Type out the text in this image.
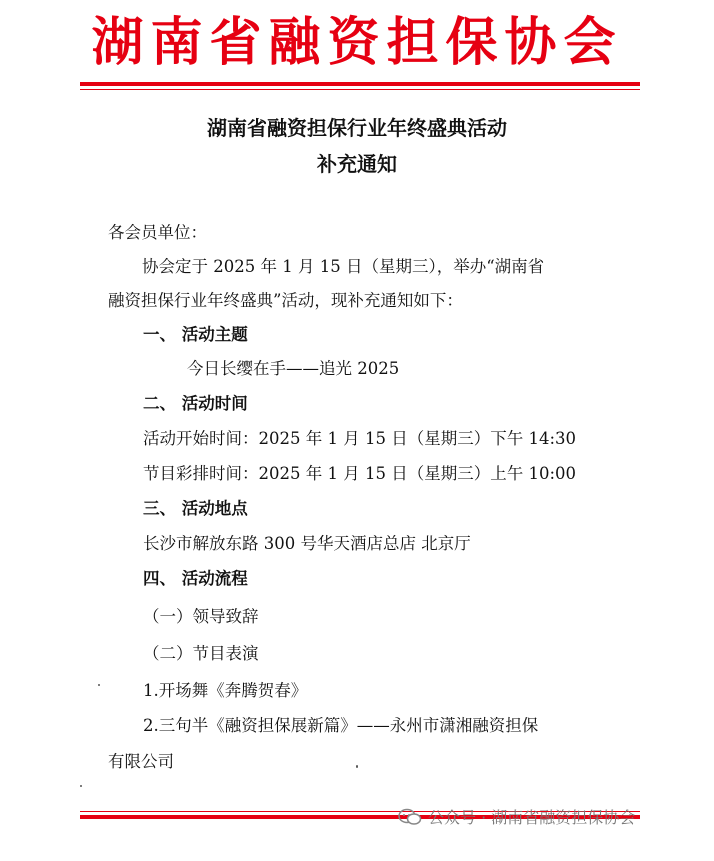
湖南省融资担保协会
湖南省融资担保行业年终盛典活动
补充通知
各会员单位：
协会定于 2025 年 1 月 15 日（星期三），举办“湖南省
融资担保行业年终盛典”活动，现补充通知如下：
一、 活动主题
今日长缨在手——追光 2025
二、 活动时间
活动开始时间：2025 年 1 月 15 日（星期三）下午 14:30
节目彩排时间：2025 年 1 月 15 日（星期三）上午 10:00
三、 活动地点
长沙市解放东路 300 号华天酒店总店 北京厅
四、 活动流程
（一）领导致辞
（二）节目表演
1.开场舞《奔腾贺春》
2.三句半《融资担保展新篇》——永州市潇湘融资担保
有限公司
公众号 · 湖南省融资担保协会
